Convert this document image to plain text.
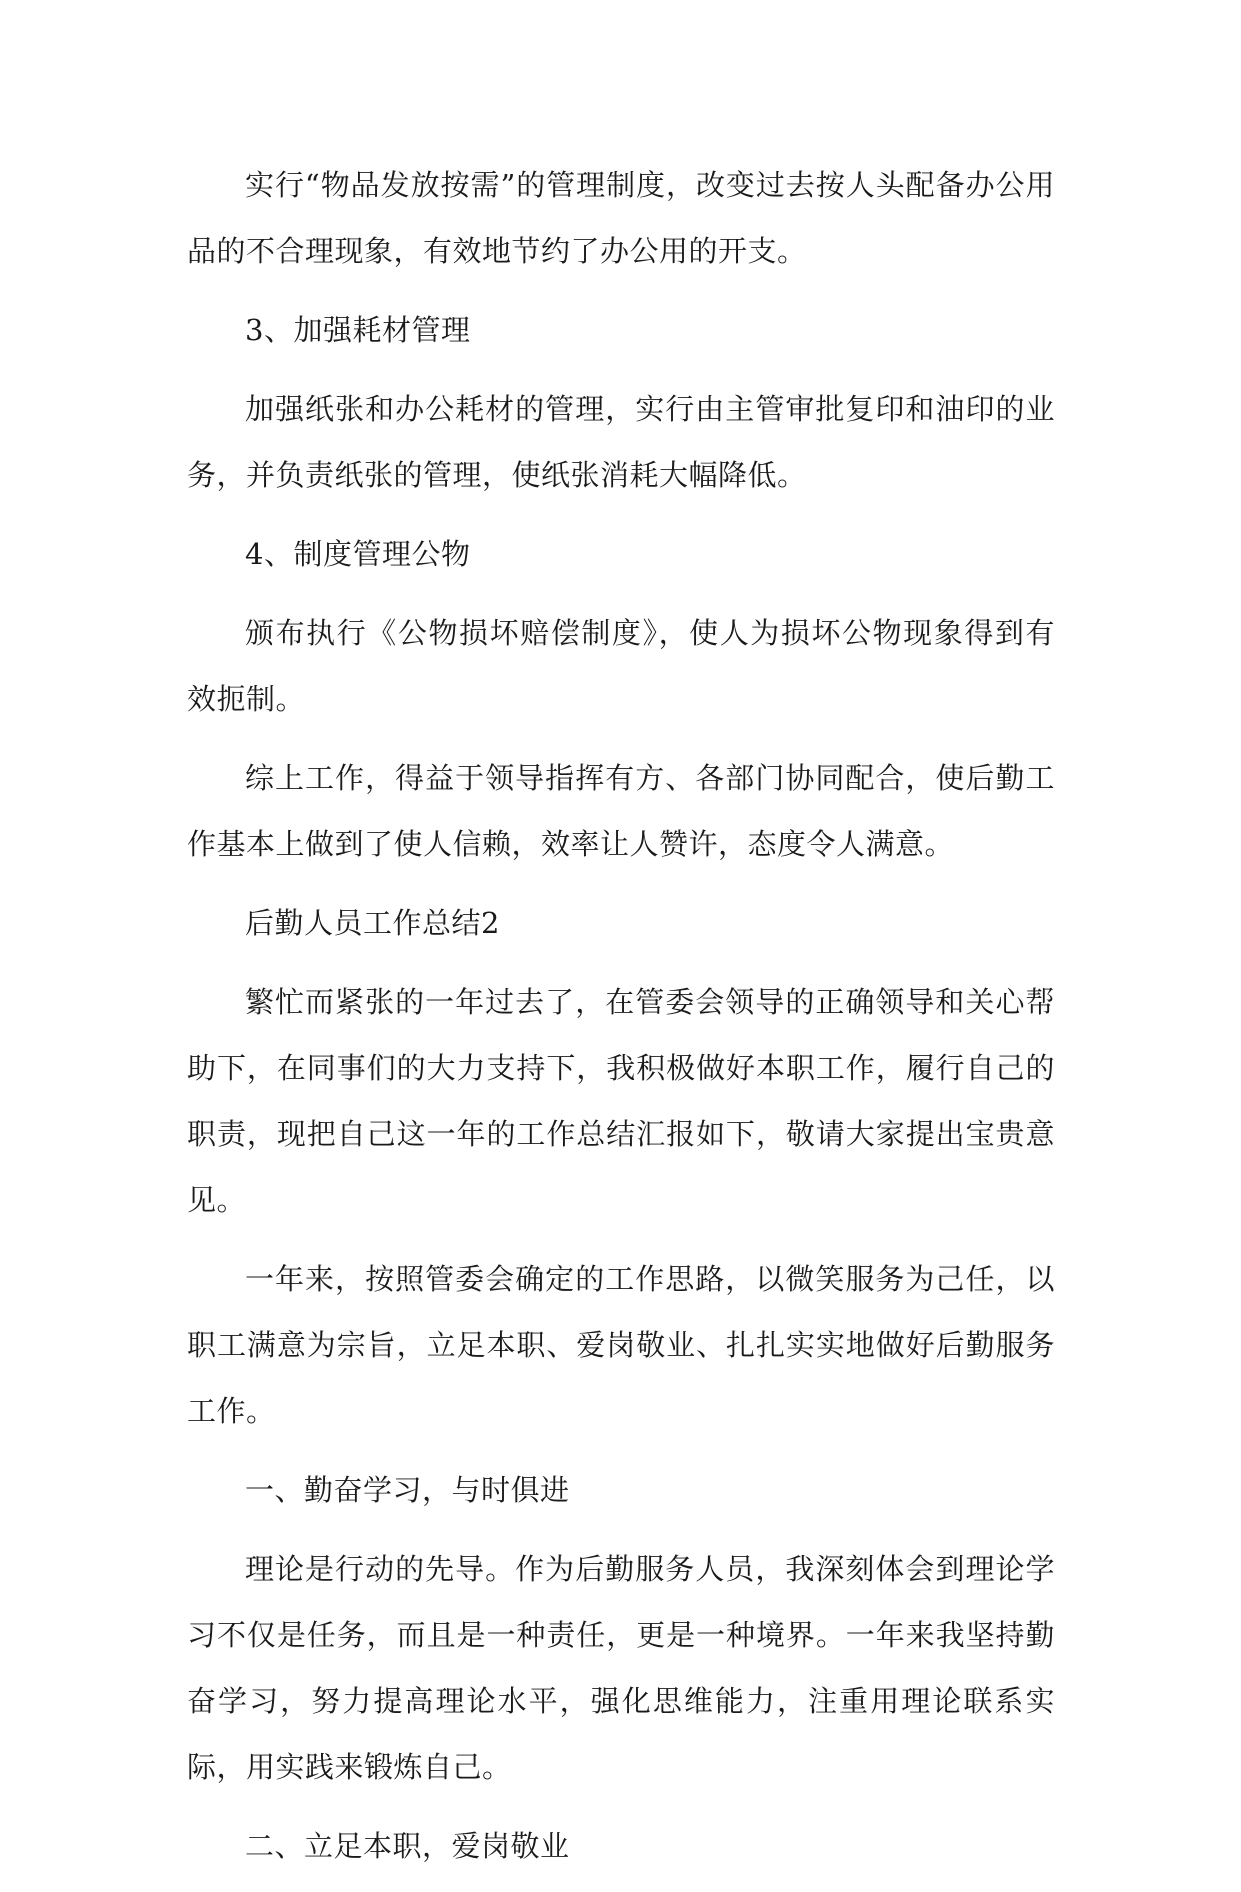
实行“物品发放按需”的管理制度，改变过去按人头配备办公用品的不合理现象，有效地节约了办公用的开支。

3、加强耗材管理

加强纸张和办公耗材的管理，实行由主管审批复印和油印的业务，并负责纸张的管理，使纸张消耗大幅降低。

4、制度管理公物

颁布执行《公物损坏赔偿制度》，使人为损坏公物现象得到有效扼制。

综上工作，得益于领导指挥有方、各部门协同配合，使后勤工作基本上做到了使人信赖，效率让人赞许，态度令人满意。

后勤人员工作总结2

繁忙而紧张的一年过去了，在管委会领导的正确领导和关心帮助下，在同事们的大力支持下，我积极做好本职工作，履行自己的职责，现把自己这一年的工作总结汇报如下，敬请大家提出宝贵意见。

一年来，按照管委会确定的工作思路，以微笑服务为己任，以职工满意为宗旨，立足本职、爱岗敬业、扎扎实实地做好后勤服务工作。

一、勤奋学习，与时俱进

理论是行动的先导。作为后勤服务人员，我深刻体会到理论学习不仅是任务，而且是一种责任，更是一种境界。一年来我坚持勤奋学习，努力提高理论水平，强化思维能力，注重用理论联系实际，用实践来锻炼自己。

二、立足本职，爱岗敬业
